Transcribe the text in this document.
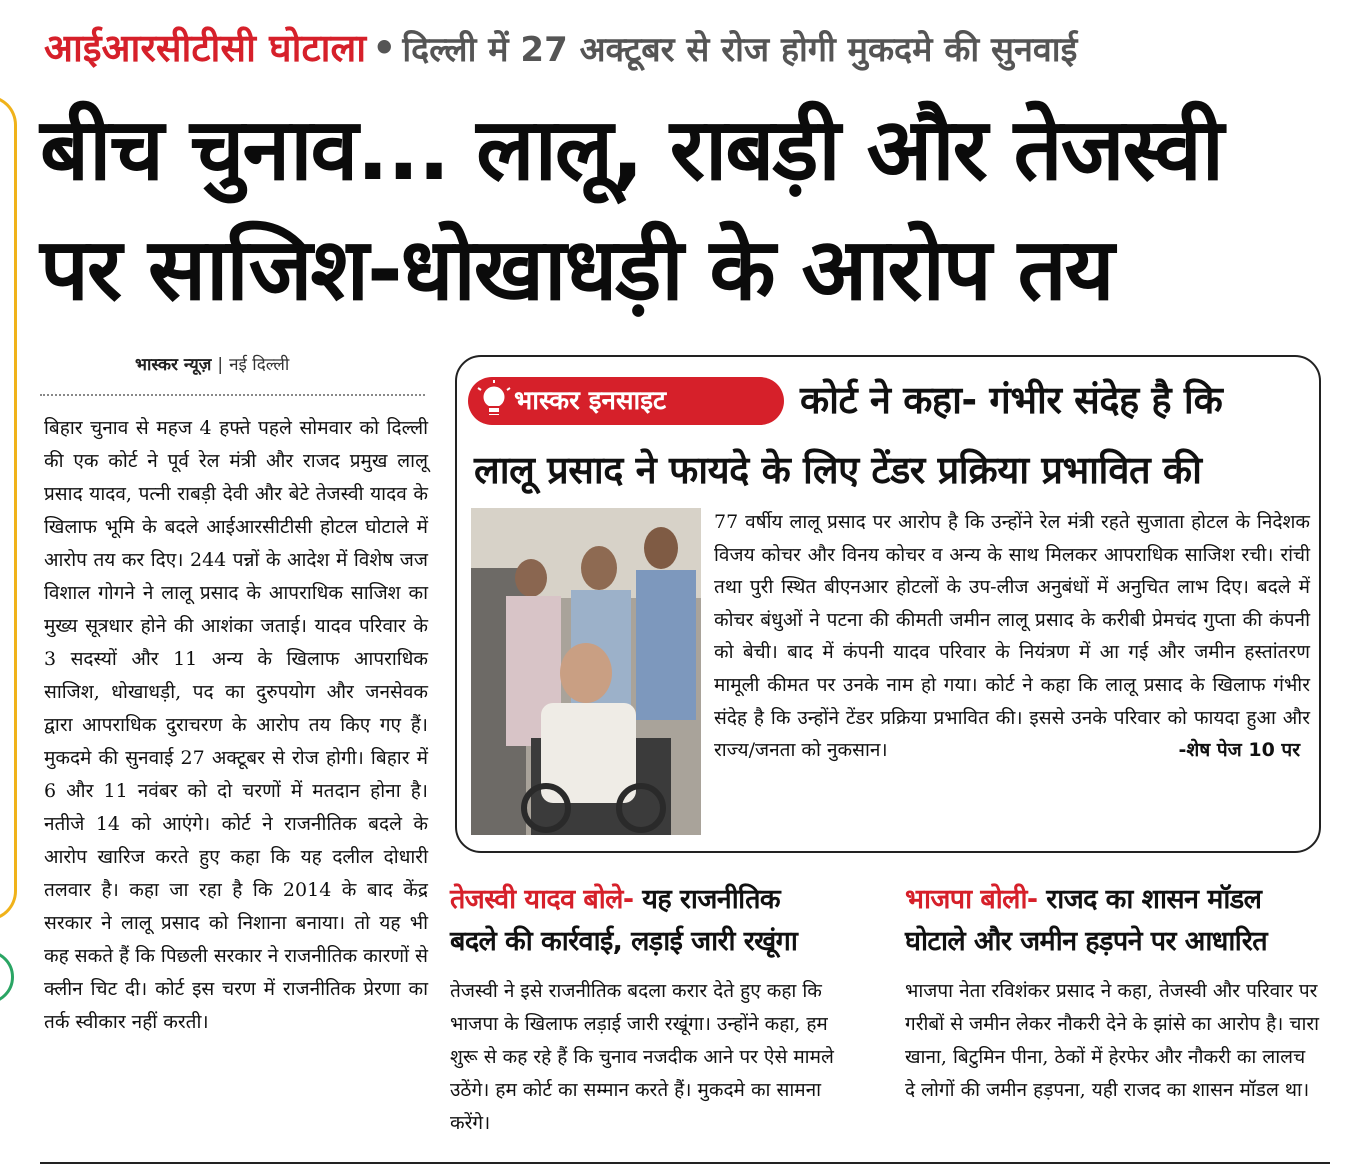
आईआरसीटीसी घोटाला • दिल्ली में 27 अक्टूबर से रोज होगी मुकदमे की सुनवाई
बीच चुनाव... लालू, राबड़ी और तेजस्वी
पर साजिश-धोखाधड़ी के आरोप तय
भास्कर न्यूज़ | नई दिल्ली
बिहार चुनाव से महज 4 हफ्ते पहले सोमवार को दिल्ली की एक कोर्ट ने पूर्व रेल मंत्री और राजद प्रमुख लालू प्रसाद यादव, पत्नी राबड़ी देवी और बेटे तेजस्वी यादव के खिलाफ भूमि के बदले आईआरसीटीसी होटल घोटाले में आरोप तय कर दिए। 244 पन्नों के आदेश में विशेष जज विशाल गोगने ने लालू प्रसाद के आपराधिक साजिश का मुख्य सूत्रधार होने की आशंका जताई। यादव परिवार के 3 सदस्यों और 11 अन्य के खिलाफ आपराधिक साजिश, धोखाधड़ी, पद का दुरुपयोग और जनसेवक द्वारा आपराधिक दुराचरण के आरोप तय किए गए हैं। मुकदमे की सुनवाई 27 अक्टूबर से रोज होगी। बिहार में 6 और 11 नवंबर को दो चरणों में मतदान होना है। नतीजे 14 को आएंगे। कोर्ट ने राजनीतिक बदले के आरोप खारिज करते हुए कहा कि यह दलील दोधारी तलवार है। कहा जा रहा है कि 2014 के बाद केंद्र सरकार ने लालू प्रसाद को निशाना बनाया। तो यह भी कह सकते हैं कि पिछली सरकार ने राजनीतिक कारणों से क्लीन चिट दी। कोर्ट इस चरण में राजनीतिक प्रेरणा का तर्क स्वीकार नहीं करती।
भास्कर इनसाइट	कोर्ट ने कहा- गंभीर संदेह है कि
लालू प्रसाद ने फायदे के लिए टेंडर प्रक्रिया प्रभावित की
77 वर्षीय लालू प्रसाद पर आरोप है कि उन्होंने रेल मंत्री रहते सुजाता होटल के निदेशक विजय कोचर और विनय कोचर व अन्य के साथ मिलकर आपराधिक साजिश रची। रांची तथा पुरी स्थित बीएनआर होटलों के उप-लीज अनुबंधों में अनुचित लाभ दिए। बदले में कोचर बंधुओं ने पटना की कीमती जमीन लालू प्रसाद के करीबी प्रेमचंद गुप्ता की कंपनी को बेची। बाद में कंपनी यादव परिवार के नियंत्रण में आ गई और जमीन हस्तांतरण मामूली कीमत पर उनके नाम हो गया। कोर्ट ने कहा कि लालू प्रसाद के खिलाफ गंभीर संदेह है कि उन्होंने टेंडर प्रक्रिया प्रभावित की। इससे उनके परिवार को फायदा हुआ और राज्य/जनता को नुकसान।	-शेष पेज 10 पर
तेजस्वी यादव बोले- यह राजनीतिक
बदले की कार्रवाई, लड़ाई जारी रखूंगा
तेजस्वी ने इसे राजनीतिक बदला करार देते हुए कहा कि भाजपा के खिलाफ लड़ाई जारी रखूंगा। उन्होंने कहा, हम शुरू से कह रहे हैं कि चुनाव नजदीक आने पर ऐसे मामले उठेंगे। हम कोर्ट का सम्मान करते हैं। मुकदमे का सामना करेंगे।
भाजपा बोली- राजद का शासन मॉडल
घोटाले और जमीन हड़पने पर आधारित
भाजपा नेता रविशंकर प्रसाद ने कहा, तेजस्वी और परिवार पर गरीबों से जमीन लेकर नौकरी देने के झांसे का आरोप है। चारा खाना, बिटुमिन पीना, ठेकों में हेरफेर और नौकरी का लालच दे लोगों की जमीन हड़पना, यही राजद का शासन मॉडल था।
